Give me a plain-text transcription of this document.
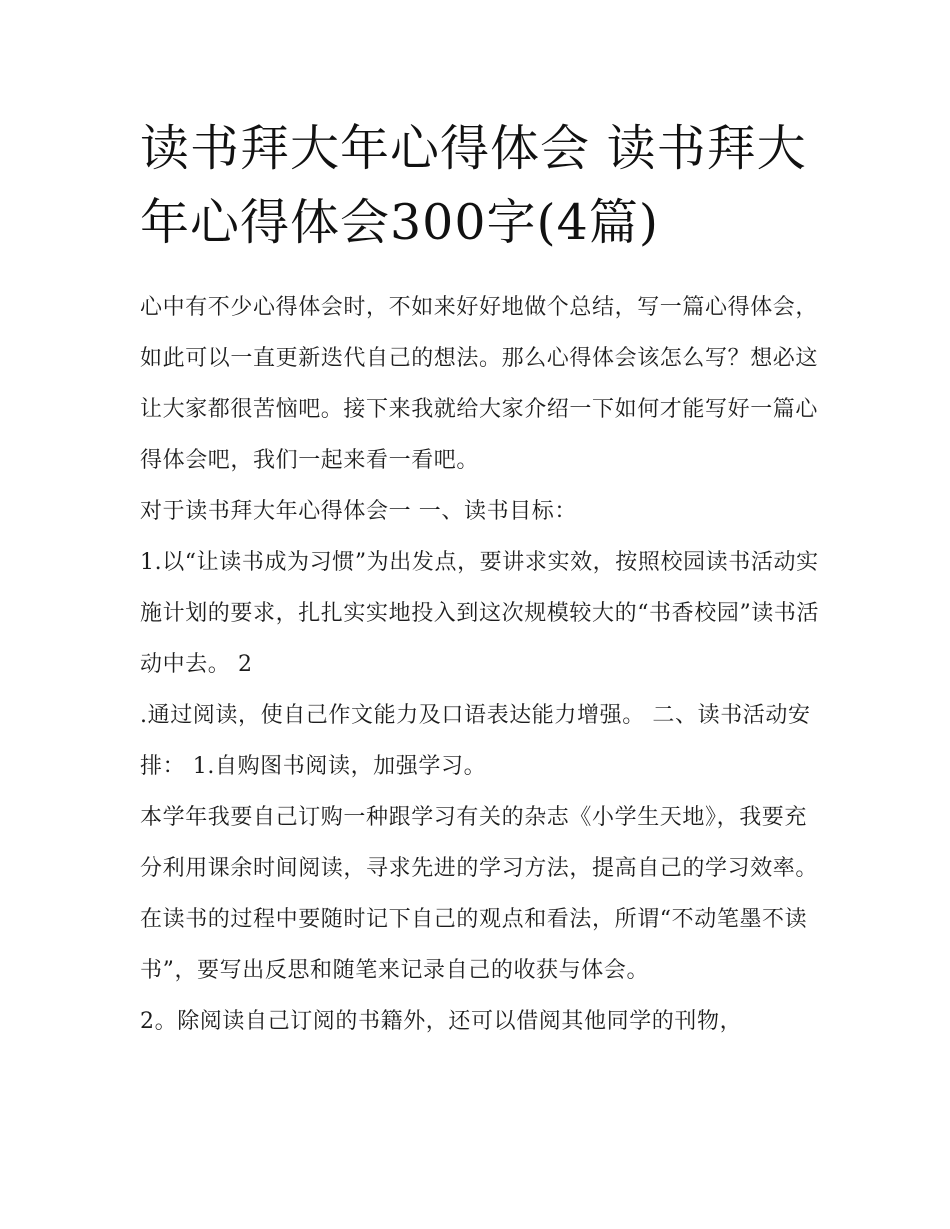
读书拜大年心得体会 读书拜大年心得体会300字(4篇)

心中有不少心得体会时，不如来好好地做个总结，写一篇心得体会，如此可以一直更新迭代自己的想法。那么心得体会该怎么写？想必这让大家都很苦恼吧。接下来我就给大家介绍一下如何才能写好一篇心得体会吧，我们一起来看一看吧。

对于读书拜大年心得体会一 一、读书目标：

1.以“让读书成为习惯”为出发点，要讲求实效，按照校园读书活动实施计划的要求，扎扎实实地投入到这次规模较大的“书香校园”读书活动中去。 2

.通过阅读，使自己作文能力及口语表达能力增强。 二、读书活动安排： 1.自购图书阅读，加强学习。

本学年我要自己订购一种跟学习有关的杂志《小学生天地》，我要充分利用课余时间阅读，寻求先进的学习方法，提高自己的学习效率。在读书的过程中要随时记下自己的观点和看法，所谓“不动笔墨不读书”，要写出反思和随笔来记录自己的收获与体会。

2。除阅读自己订阅的书籍外，还可以借阅其他同学的刊物，
